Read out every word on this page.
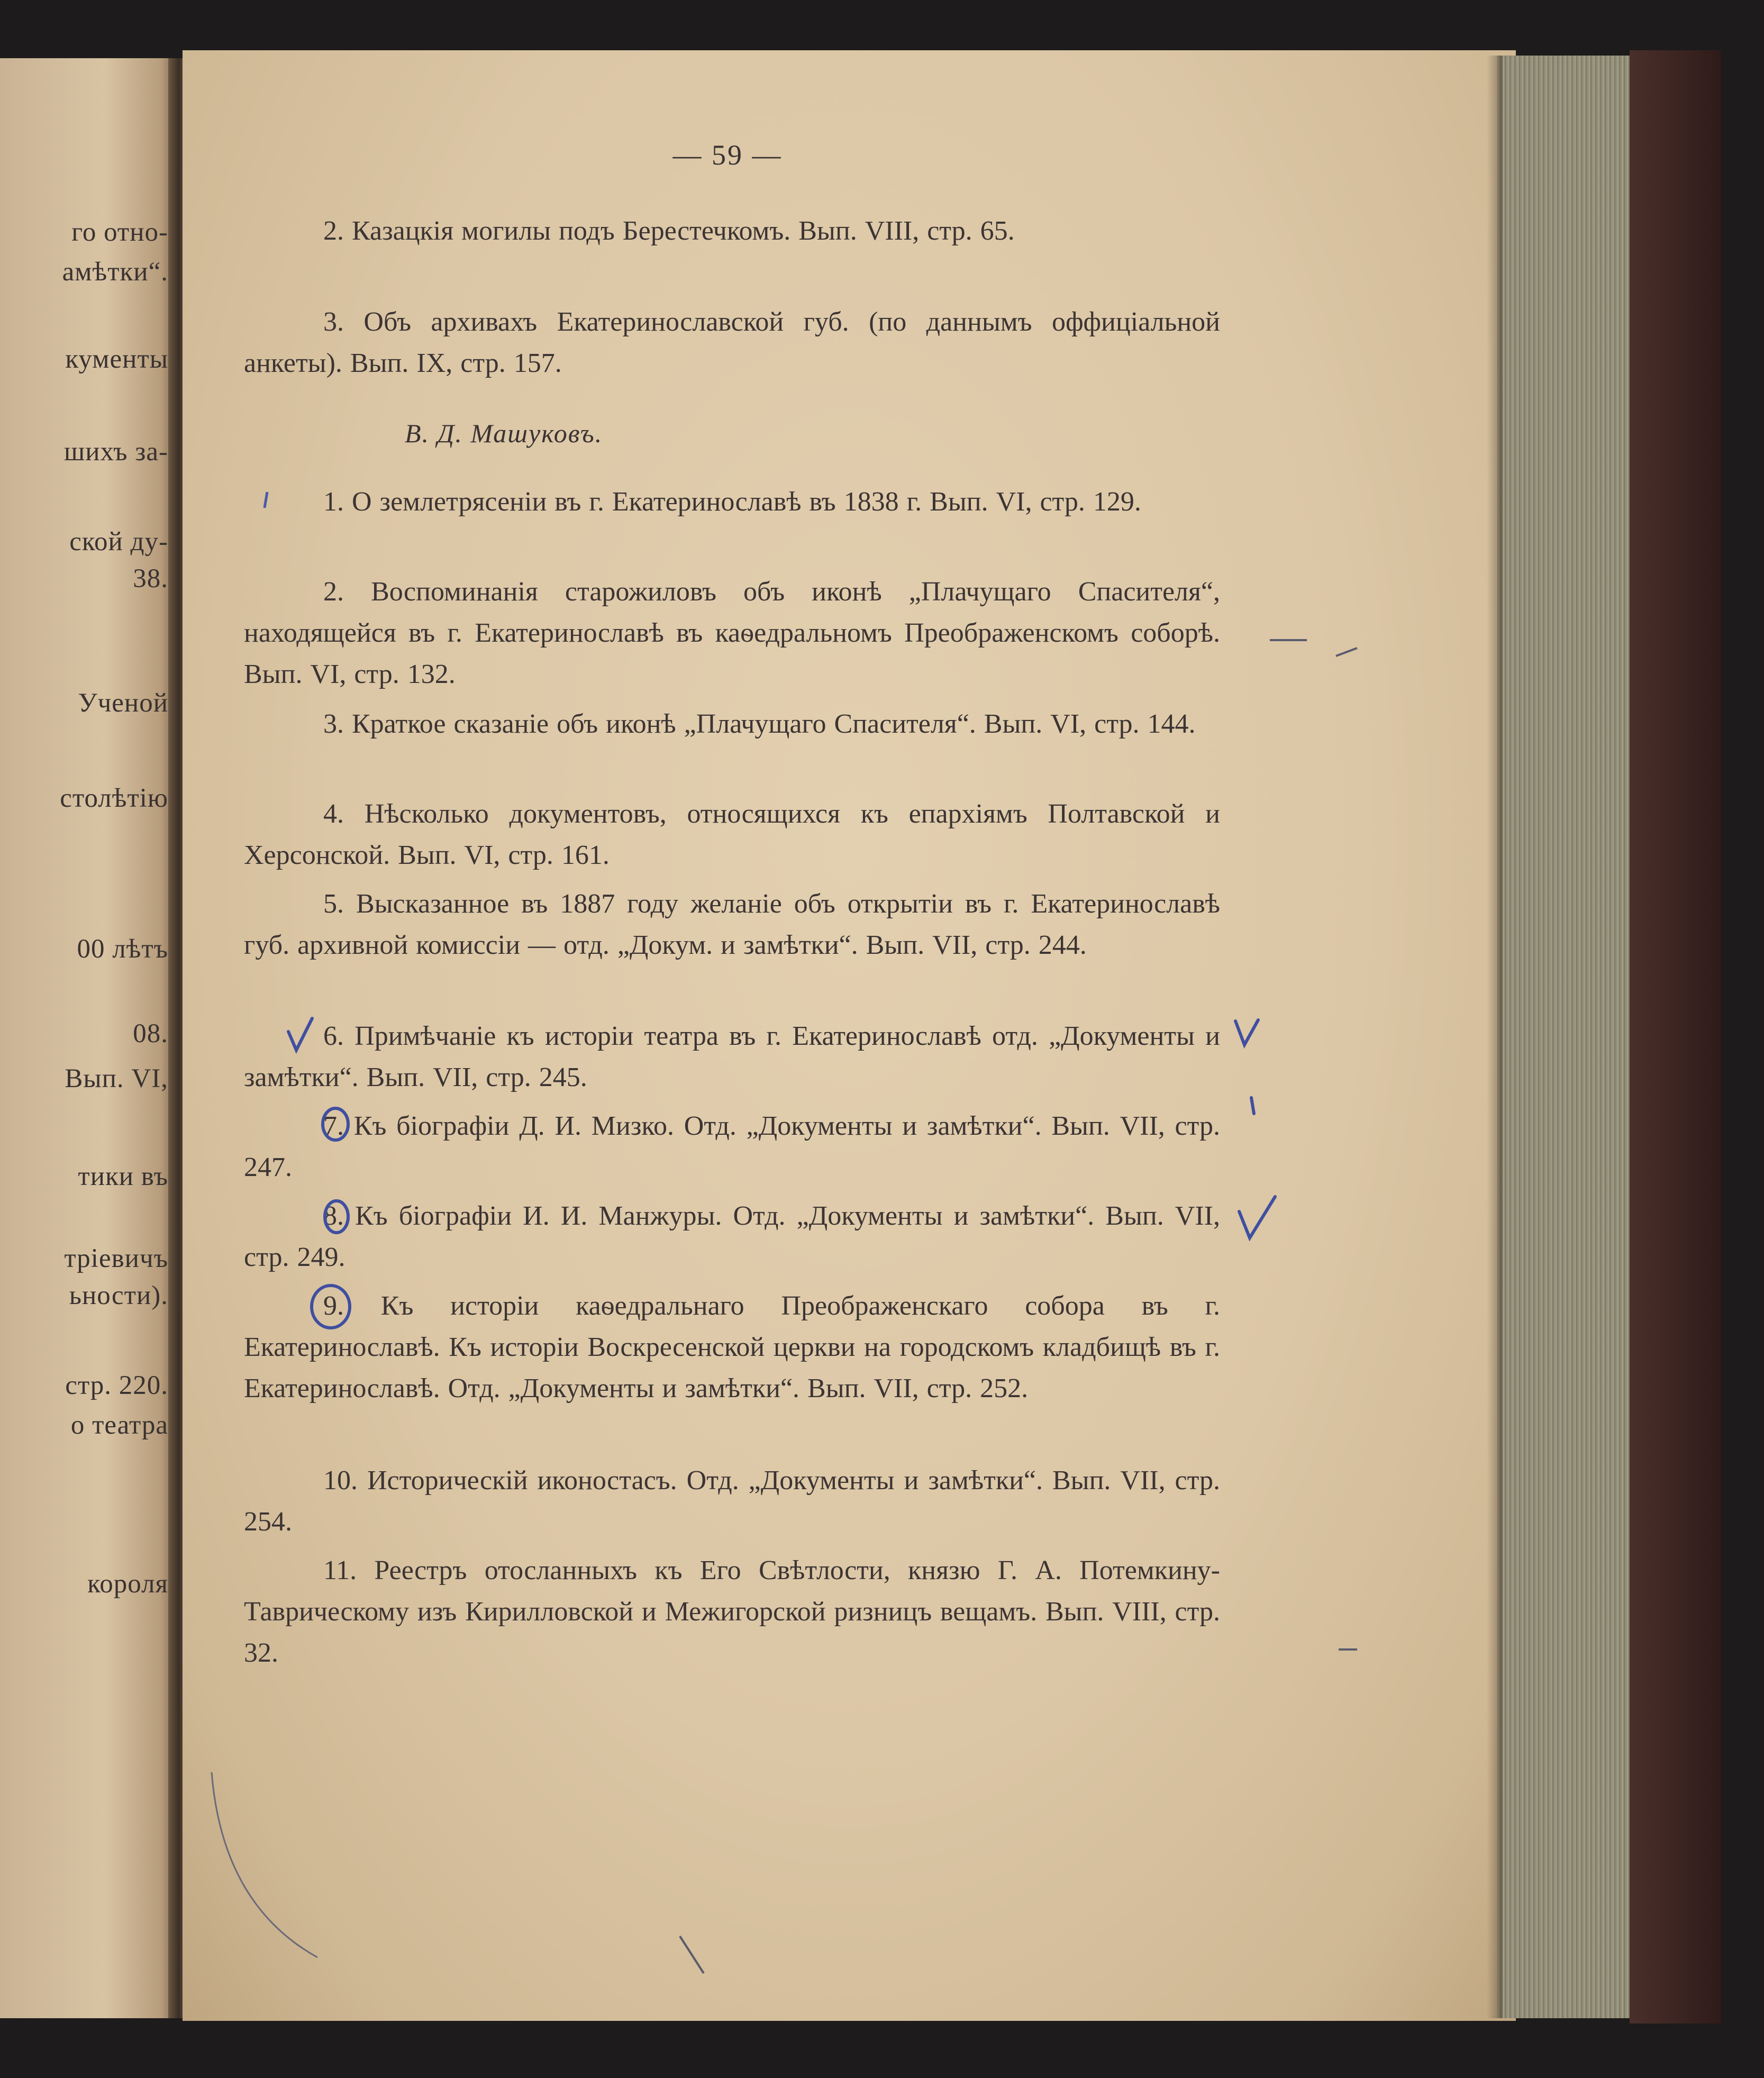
го отно-
амѣтки“.
кументы
шихъ за-
ской ду-
38.
Ученой
столѣтію
00 лѣтъ
08.
Вып. VI,
тики въ
тріевичъ
ьности).
стр. 220.
о театра
короля
— 59 —
2. Казацкія могилы подъ Берестечкомъ. Вып. VIII, стр. 65.
3. Объ архивахъ Екатеринославской губ. (по даннымъ оффиціальной анкеты). Вып. IX, стр. 157.
В. Д. Машуковъ.
1. О землетрясеніи въ г. Екатеринославѣ въ 1838 г. Вып. VI, стр. 129.
2. Воспоминанія старожиловъ объ иконѣ „Плачущаго Спасителя“, находящейся въ г. Екатеринославѣ въ каѳедральномъ Преображенскомъ соборѣ. Вып. VI, стр. 132.
3. Краткое сказаніе объ иконѣ „Плачущаго Спасителя“. Вып. VI, стр. 144.
4. Нѣсколько документовъ, относящихся къ епархіямъ Полтавской и Херсонской. Вып. VI, стр. 161.
5. Высказанное въ 1887 году желаніе объ открытіи въ г. Екатеринославѣ губ. архивной комиссіи — отд. „Докум. и замѣтки“. Вып. VII, стр. 244.
6. Примѣчаніе къ исторіи театра въ г. Екатеринославѣ отд. „Документы и замѣтки“. Вып. VII, стр. 245.
7. Къ біографіи Д. И. Мизко. Отд. „Документы и замѣтки“. Вып. VII, стр. 247.
8. Къ біографіи И. И. Манжуры. Отд. „Документы и замѣтки“. Вып. VII, стр. 249.
9. Къ исторіи каѳедральнаго Преображенскаго собора въ г. Екатеринославѣ. Къ исторіи Воскресенской церкви на городскомъ кладбищѣ въ г. Екатеринославѣ. Отд. „Документы и замѣтки“. Вып. VII, стр. 252.
10. Историческій иконостасъ. Отд. „Документы и замѣтки“. Вып. VII, стр. 254.
11. Реестръ отосланныхъ къ Его Свѣтлости, князю Г. А. Потемкину-Таврическому изъ Кирилловской и Межигорской ризницъ вещамъ. Вып. VIII, стр. 32.
